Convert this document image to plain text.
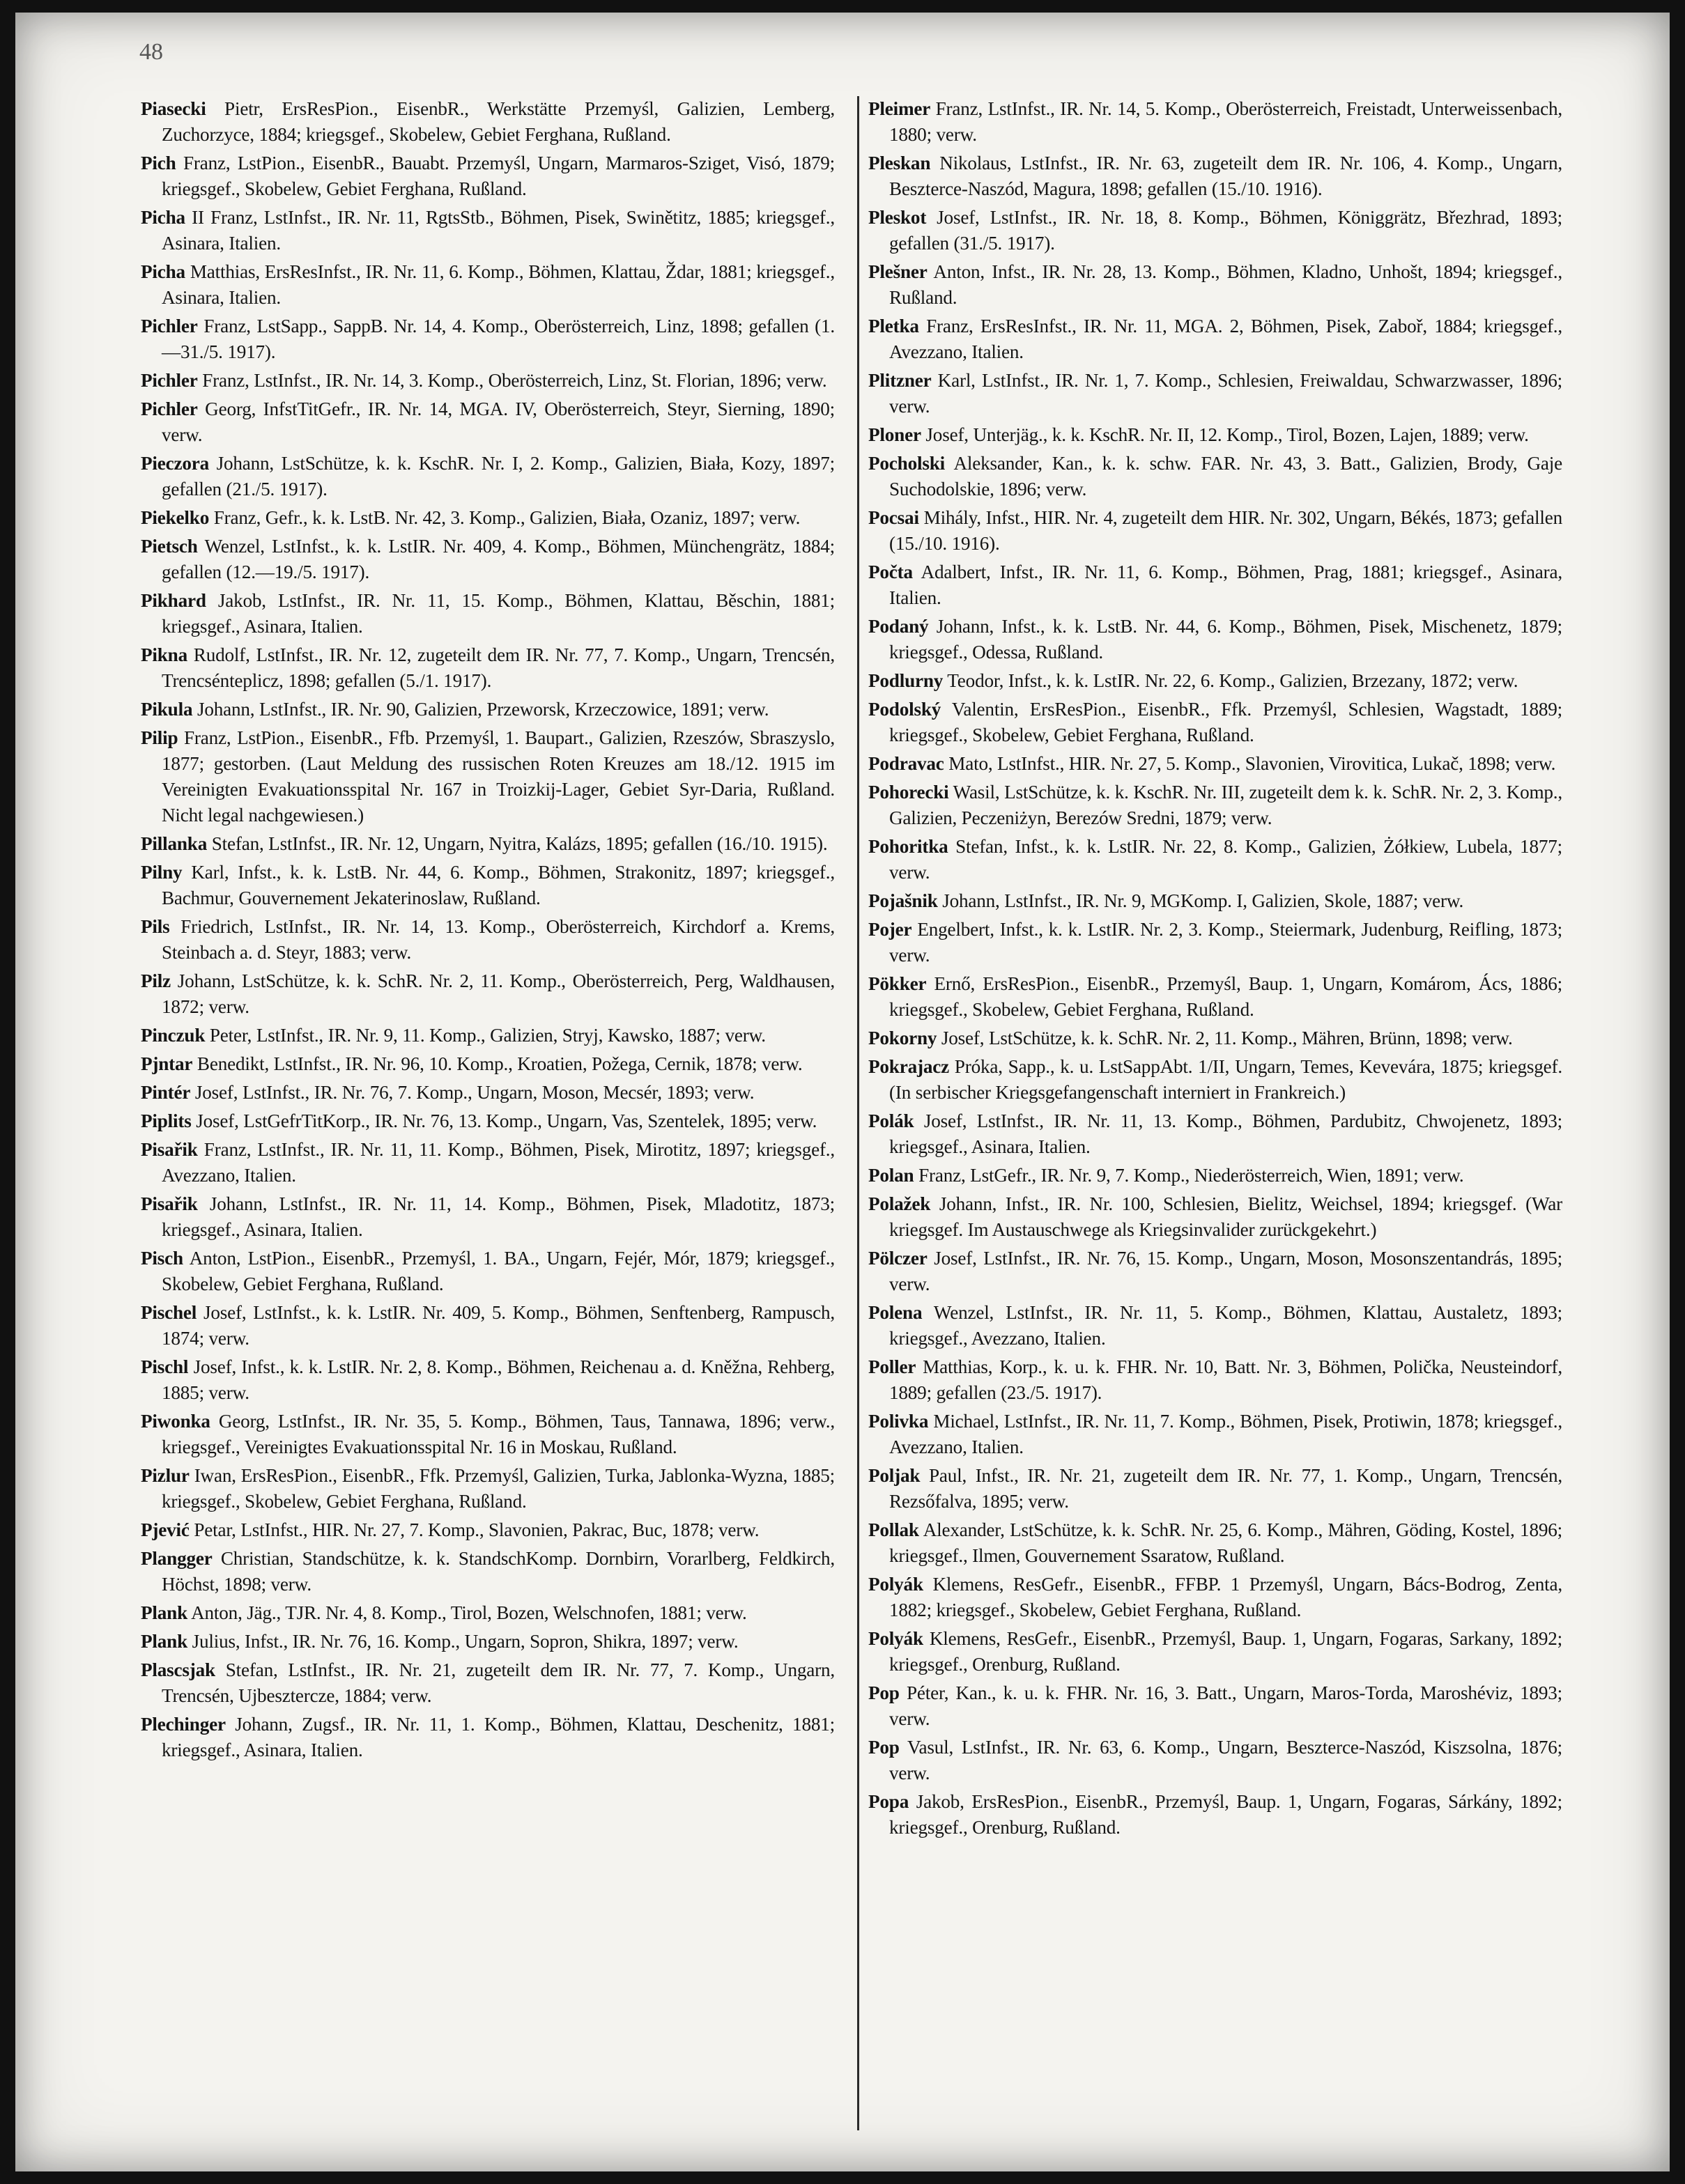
48

Piasecki Pietr, ErsResPion., EisenbR., Werkstätte Przemyśl, Galizien, Lemberg, Zuchorzyce, 1884; kriegsgef., Skobelew, Gebiet Ferghana, Rußland.

Pich Franz, LstPion., EisenbR., Bauabt. Przemyśl, Ungarn, Marmaros-Sziget, Visó, 1879; kriegsgef., Skobelew, Gebiet Ferghana, Rußland.

Picha II Franz, LstInfst., IR. Nr. 11, RgtsStb., Böhmen, Pisek, Swinětitz, 1885; kriegsgef., Asinara, Italien.

Picha Matthias, ErsResInfst., IR. Nr. 11, 6. Komp., Böhmen, Klattau, Ždar, 1881; kriegsgef., Asinara, Italien.

Pichler Franz, LstSapp., SappB. Nr. 14, 4. Komp., Oberösterreich, Linz, 1898; gefallen (1.—31./5. 1917).

Pichler Franz, LstInfst., IR. Nr. 14, 3. Komp., Oberösterreich, Linz, St. Florian, 1896; verw.

Pichler Georg, InfstTitGefr., IR. Nr. 14, MGA. IV, Oberösterreich, Steyr, Sierning, 1890; verw.

Pieczora Johann, LstSchütze, k. k. KschR. Nr. I, 2. Komp., Galizien, Biała, Kozy, 1897; gefallen (21./5. 1917).

Piekelko Franz, Gefr., k. k. LstB. Nr. 42, 3. Komp., Galizien, Biała, Ozaniz, 1897; verw.

Pietsch Wenzel, LstInfst., k. k. LstIR. Nr. 409, 4. Komp., Böhmen, Münchengrätz, 1884; gefallen (12.—19./5. 1917).

Pikhard Jakob, LstInfst., IR. Nr. 11, 15. Komp., Böhmen, Klattau, Běschin, 1881; kriegsgef., Asinara, Italien.

Pikna Rudolf, LstInfst., IR. Nr. 12, zugeteilt dem IR. Nr. 77, 7. Komp., Ungarn, Trencsén, Trencsénteplicz, 1898; gefallen (5./1. 1917).

Pikula Johann, LstInfst., IR. Nr. 90, Galizien, Przeworsk, Krzeczowice, 1891; verw.

Pilip Franz, LstPion., EisenbR., Ffb. Przemyśl, 1. Baupart., Galizien, Rzeszów, Sbraszyslo, 1877; gestorben. (Laut Meldung des russischen Roten Kreuzes am 18./12. 1915 im Vereinigten Evakuationsspital Nr. 167 in Troizkij-Lager, Gebiet Syr-Daria, Rußland. Nicht legal nachgewiesen.)

Pillanka Stefan, LstInfst., IR. Nr. 12, Ungarn, Nyitra, Kalázs, 1895; gefallen (16./10. 1915).

Pilny Karl, Infst., k. k. LstB. Nr. 44, 6. Komp., Böhmen, Strakonitz, 1897; kriegsgef., Bachmur, Gouvernement Jekaterinoslaw, Rußland.

Pils Friedrich, LstInfst., IR. Nr. 14, 13. Komp., Oberösterreich, Kirchdorf a. Krems, Steinbach a. d. Steyr, 1883; verw.

Pilz Johann, LstSchütze, k. k. SchR. Nr. 2, 11. Komp., Oberösterreich, Perg, Waldhausen, 1872; verw.

Pinczuk Peter, LstInfst., IR. Nr. 9, 11. Komp., Galizien, Stryj, Kawsko, 1887; verw.

Pjntar Benedikt, LstInfst., IR. Nr. 96, 10. Komp., Kroatien, Požega, Cernik, 1878; verw.

Pintér Josef, LstInfst., IR. Nr. 76, 7. Komp., Ungarn, Moson, Mecsér, 1893; verw.

Piplits Josef, LstGefrTitKorp., IR. Nr. 76, 13. Komp., Ungarn, Vas, Szentelek, 1895; verw.

Pisařik Franz, LstInfst., IR. Nr. 11, 11. Komp., Böhmen, Pisek, Mirotitz, 1897; kriegsgef., Avezzano, Italien.

Pisařik Johann, LstInfst., IR. Nr. 11, 14. Komp., Böhmen, Pisek, Mladotitz, 1873; kriegsgef., Asinara, Italien.

Pisch Anton, LstPion., EisenbR., Przemyśl, 1. BA., Ungarn, Fejér, Mór, 1879; kriegsgef., Skobelew, Gebiet Ferghana, Rußland.

Pischel Josef, LstInfst., k. k. LstIR. Nr. 409, 5. Komp., Böhmen, Senftenberg, Rampusch, 1874; verw.

Pischl Josef, Infst., k. k. LstIR. Nr. 2, 8. Komp., Böhmen, Reichenau a. d. Kněžna, Rehberg, 1885; verw.

Piwonka Georg, LstInfst., IR. Nr. 35, 5. Komp., Böhmen, Taus, Tannawa, 1896; verw., kriegsgef., Vereinigtes Evakuationsspital Nr. 16 in Moskau, Rußland.

Pizlur Iwan, ErsResPion., EisenbR., Ffk. Przemyśl, Galizien, Turka, Jablonka-Wyzna, 1885; kriegsgef., Skobelew, Gebiet Ferghana, Rußland.

Pjević Petar, LstInfst., HIR. Nr. 27, 7. Komp., Slavonien, Pakrac, Buc, 1878; verw.

Plangger Christian, Standschütze, k. k. StandschKomp. Dornbirn, Vorarlberg, Feldkirch, Höchst, 1898; verw.

Plank Anton, Jäg., TJR. Nr. 4, 8. Komp., Tirol, Bozen, Welschnofen, 1881; verw.

Plank Julius, Infst., IR. Nr. 76, 16. Komp., Ungarn, Sopron, Shikra, 1897; verw.

Plascsjak Stefan, LstInfst., IR. Nr. 21, zugeteilt dem IR. Nr. 77, 7. Komp., Ungarn, Trencsén, Ujbesztercze, 1884; verw.

Plechinger Johann, Zugsf., IR. Nr. 11, 1. Komp., Böhmen, Klattau, Deschenitz, 1881; kriegsgef., Asinara, Italien.

Pleimer Franz, LstInfst., IR. Nr. 14, 5. Komp., Oberösterreich, Freistadt, Unterweissenbach, 1880; verw.

Pleskan Nikolaus, LstInfst., IR. Nr. 63, zugeteilt dem IR. Nr. 106, 4. Komp., Ungarn, Beszterce-Naszód, Magura, 1898; gefallen (15./10. 1916).

Pleskot Josef, LstInfst., IR. Nr. 18, 8. Komp., Böhmen, Königgrätz, Březhrad, 1893; gefallen (31./5. 1917).

Plešner Anton, Infst., IR. Nr. 28, 13. Komp., Böhmen, Kladno, Unhošt, 1894; kriegsgef., Rußland.

Pletka Franz, ErsResInfst., IR. Nr. 11, MGA. 2, Böhmen, Pisek, Zaboř, 1884; kriegsgef., Avezzano, Italien.

Plitzner Karl, LstInfst., IR. Nr. 1, 7. Komp., Schlesien, Freiwaldau, Schwarzwasser, 1896; verw.

Ploner Josef, Unterjäg., k. k. KschR. Nr. II, 12. Komp., Tirol, Bozen, Lajen, 1889; verw.

Pocholski Aleksander, Kan., k. k. schw. FAR. Nr. 43, 3. Batt., Galizien, Brody, Gaje Suchodolskie, 1896; verw.

Pocsai Mihály, Infst., HIR. Nr. 4, zugeteilt dem HIR. Nr. 302, Ungarn, Békés, 1873; gefallen (15./10. 1916).

Počta Adalbert, Infst., IR. Nr. 11, 6. Komp., Böhmen, Prag, 1881; kriegsgef., Asinara, Italien.

Podaný Johann, Infst., k. k. LstB. Nr. 44, 6. Komp., Böhmen, Pisek, Mischenetz, 1879; kriegsgef., Odessa, Rußland.

Podlurny Teodor, Infst., k. k. LstIR. Nr. 22, 6. Komp., Galizien, Brzezany, 1872; verw.

Podolský Valentin, ErsResPion., EisenbR., Ffk. Przemyśl, Schlesien, Wagstadt, 1889; kriegsgef., Skobelew, Gebiet Ferghana, Rußland.

Podravac Mato, LstInfst., HIR. Nr. 27, 5. Komp., Slavonien, Virovitica, Lukač, 1898; verw.

Pohorecki Wasil, LstSchütze, k. k. KschR. Nr. III, zugeteilt dem k. k. SchR. Nr. 2, 3. Komp., Galizien, Peczeniżyn, Berezów Sredni, 1879; verw.

Pohoritka Stefan, Infst., k. k. LstIR. Nr. 22, 8. Komp., Galizien, Żółkiew, Lubela, 1877; verw.

Pojašnik Johann, LstInfst., IR. Nr. 9, MGKomp. I, Galizien, Skole, 1887; verw.

Pojer Engelbert, Infst., k. k. LstIR. Nr. 2, 3. Komp., Steiermark, Judenburg, Reifling, 1873; verw.

Pökker Ernő, ErsResPion., EisenbR., Przemyśl, Baup. 1, Ungarn, Komárom, Ács, 1886; kriegsgef., Skobelew, Gebiet Ferghana, Rußland.

Pokorny Josef, LstSchütze, k. k. SchR. Nr. 2, 11. Komp., Mähren, Brünn, 1898; verw.

Pokrajacz Próka, Sapp., k. u. LstSappAbt. 1/II, Ungarn, Temes, Kevevára, 1875; kriegsgef. (In serbischer Kriegsgefangenschaft interniert in Frankreich.)

Polák Josef, LstInfst., IR. Nr. 11, 13. Komp., Böhmen, Pardubitz, Chwojenetz, 1893; kriegsgef., Asinara, Italien.

Polan Franz, LstGefr., IR. Nr. 9, 7. Komp., Niederösterreich, Wien, 1891; verw.

Polažek Johann, Infst., IR. Nr. 100, Schlesien, Bielitz, Weichsel, 1894; kriegsgef. (War kriegsgef. Im Austauschwege als Kriegsinvalider zurückgekehrt.)

Pölczer Josef, LstInfst., IR. Nr. 76, 15. Komp., Ungarn, Moson, Mosonszentandrás, 1895; verw.

Polena Wenzel, LstInfst., IR. Nr. 11, 5. Komp., Böhmen, Klattau, Austaletz, 1893; kriegsgef., Avezzano, Italien.

Poller Matthias, Korp., k. u. k. FHR. Nr. 10, Batt. Nr. 3, Böhmen, Polička, Neusteindorf, 1889; gefallen (23./5. 1917).

Polivka Michael, LstInfst., IR. Nr. 11, 7. Komp., Böhmen, Pisek, Protiwin, 1878; kriegsgef., Avezzano, Italien.

Poljak Paul, Infst., IR. Nr. 21, zugeteilt dem IR. Nr. 77, 1. Komp., Ungarn, Trencsén, Rezsőfalva, 1895; verw.

Pollak Alexander, LstSchütze, k. k. SchR. Nr. 25, 6. Komp., Mähren, Göding, Kostel, 1896; kriegsgef., Ilmen, Gouvernement Ssaratow, Rußland.

Polyák Klemens, ResGefr., EisenbR., FFBP. 1 Przemyśl, Ungarn, Bács-Bodrog, Zenta, 1882; kriegsgef., Skobelew, Gebiet Ferghana, Rußland.

Polyák Klemens, ResGefr., EisenbR., Przemyśl, Baup. 1, Ungarn, Fogaras, Sarkany, 1892; kriegsgef., Orenburg, Rußland.

Pop Péter, Kan., k. u. k. FHR. Nr. 16, 3. Batt., Ungarn, Maros-Torda, Maroshéviz, 1893; verw.

Pop Vasul, LstInfst., IR. Nr. 63, 6. Komp., Ungarn, Beszterce-Naszód, Kiszsolna, 1876; verw.

Popa Jakob, ErsResPion., EisenbR., Przemyśl, Baup. 1, Ungarn, Fogaras, Sárkány, 1892; kriegsgef., Orenburg, Rußland.
